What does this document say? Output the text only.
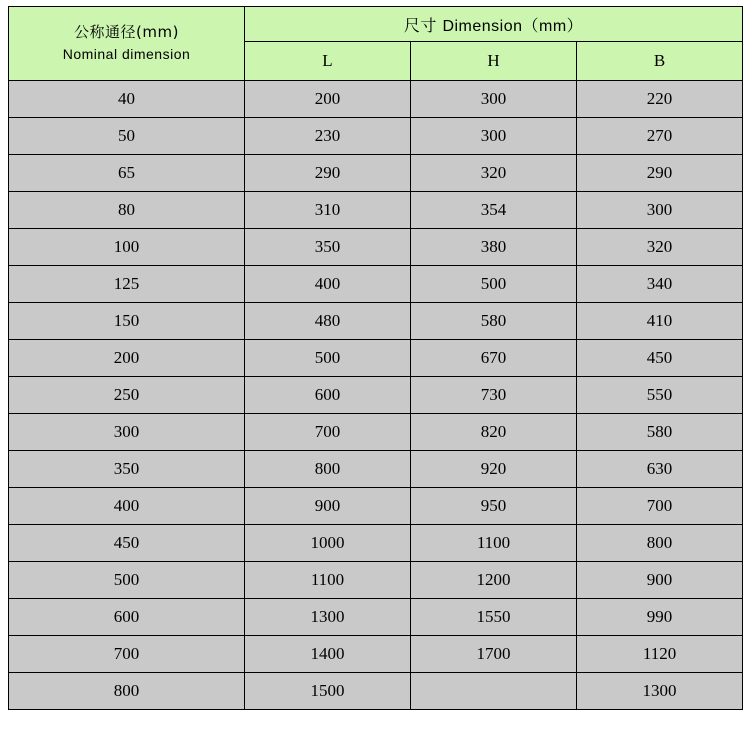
公称通径(mm)
Nominal dimension	尺寸 Dimension（mm）		
	L	H	B
40	200	300	220
50	230	300	270
65	290	320	290
80	310	354	300
100	350	380	320
125	400	500	340
150	480	580	410
200	500	670	450
250	600	730	550
300	700	820	580
350	800	920	630
400	900	950	700
450	1000	1100	800
500	1100	1200	900
600	1300	1550	990
700	1400	1700	1120
800	1500		1300
